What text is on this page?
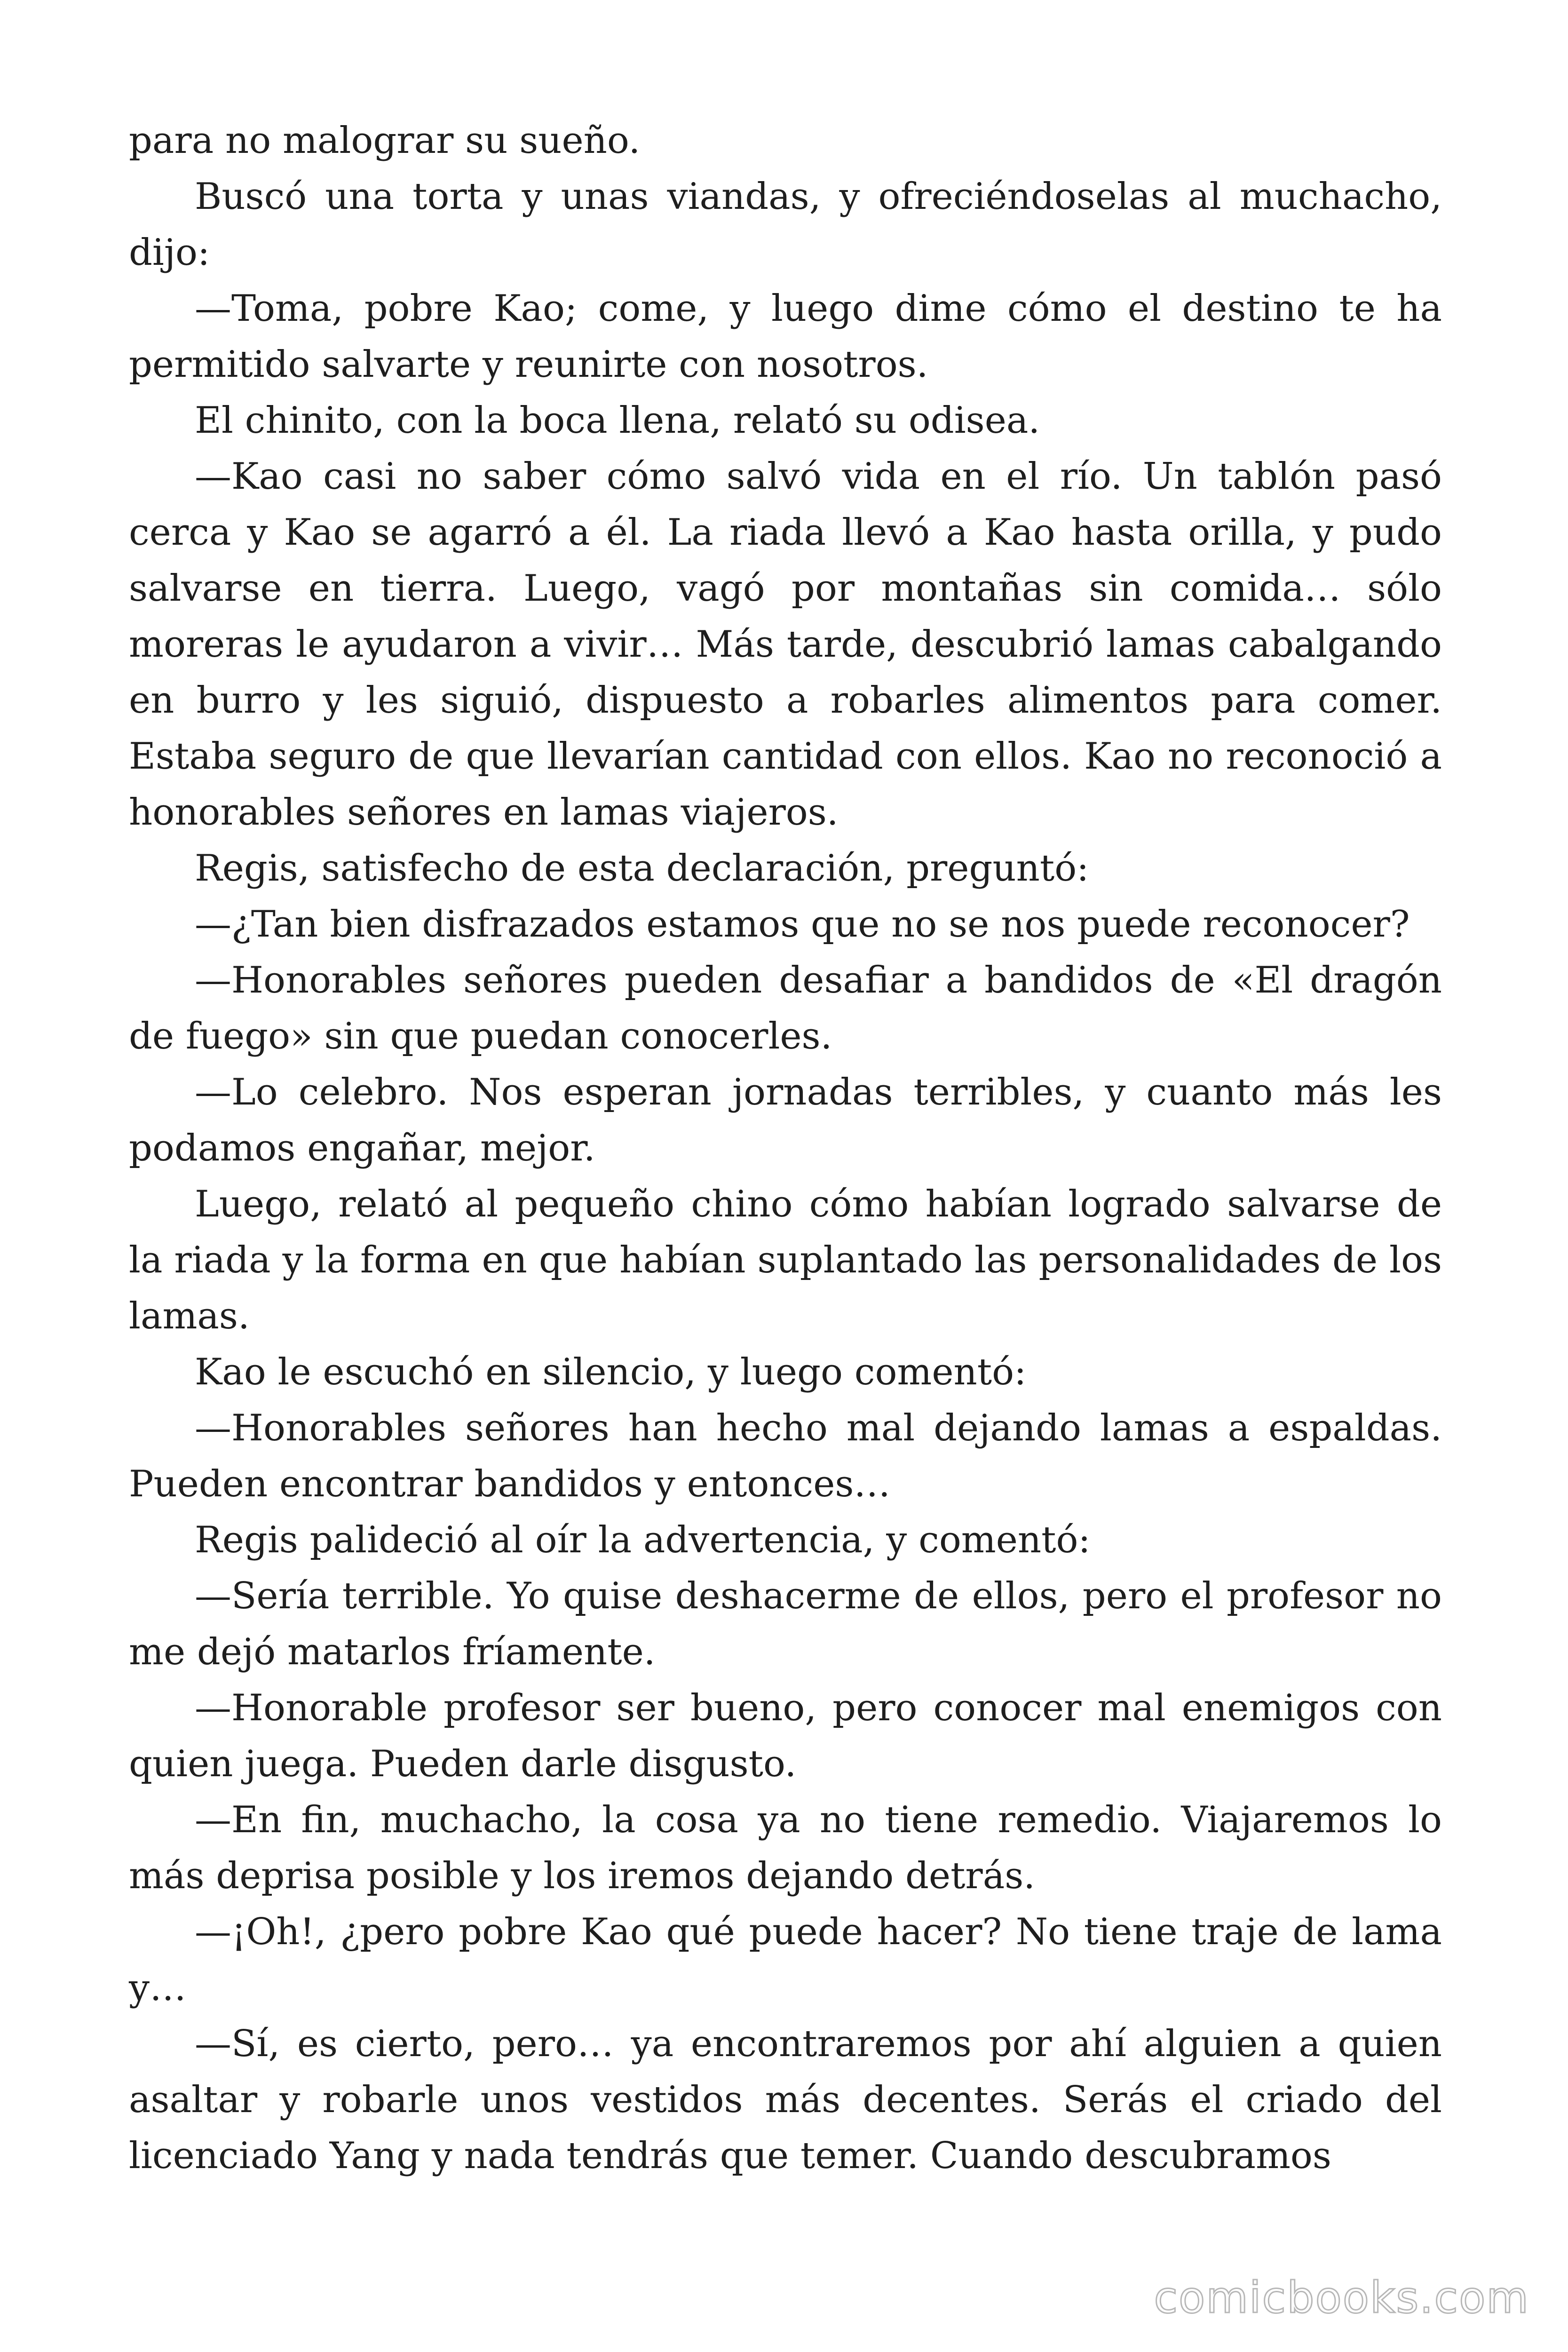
para no malograr su sueño.

Buscó una torta y unas viandas, y ofreciéndoselas al muchacho, dijo:

—Toma, pobre Kao; come, y luego dime cómo el destino te ha permitido salvarte y reunirte con nosotros.

El chinito, con la boca llena, relató su odisea.

—Kao casi no saber cómo salvó vida en el río. Un tablón pasó cerca y Kao se agarró a él. La riada llevó a Kao hasta orilla, y pudo salvarse en tierra. Luego, vagó por montañas sin comida… sólo moreras le ayudaron a vivir… Más tarde, descubrió lamas cabalgando en burro y les siguió, dispuesto a robarles alimentos para comer. Estaba seguro de que llevarían cantidad con ellos. Kao no reconoció a honorables señores en lamas viajeros.

Regis, satisfecho de esta declaración, preguntó:

—¿Tan bien disfrazados estamos que no se nos puede reconocer?

—Honorables señores pueden desafiar a bandidos de «El dragón de fuego» sin que puedan conocerles.

—Lo celebro. Nos esperan jornadas terribles, y cuanto más les podamos engañar, mejor.

Luego, relató al pequeño chino cómo habían logrado salvarse de la riada y la forma en que habían suplantado las personalidades de los lamas.

Kao le escuchó en silencio, y luego comentó:

—Honorables señores han hecho mal dejando lamas a espaldas. Pueden encontrar bandidos y entonces…

Regis palideció al oír la advertencia, y comentó:

—Sería terrible. Yo quise deshacerme de ellos, pero el profesor no me dejó matarlos fríamente.

—Honorable profesor ser bueno, pero conocer mal enemigos con quien juega. Pueden darle disgusto.

—En fin, muchacho, la cosa ya no tiene remedio. Viajaremos lo más deprisa posible y los iremos dejando detrás.

—¡Oh!, ¿pero pobre Kao qué puede hacer? No tiene traje de lama y…

—Sí, es cierto, pero… ya encontraremos por ahí alguien a quien asaltar y robarle unos vestidos más decentes. Serás el criado del licenciado Yang y nada tendrás que temer. Cuando descubramos

comicbooks.com
